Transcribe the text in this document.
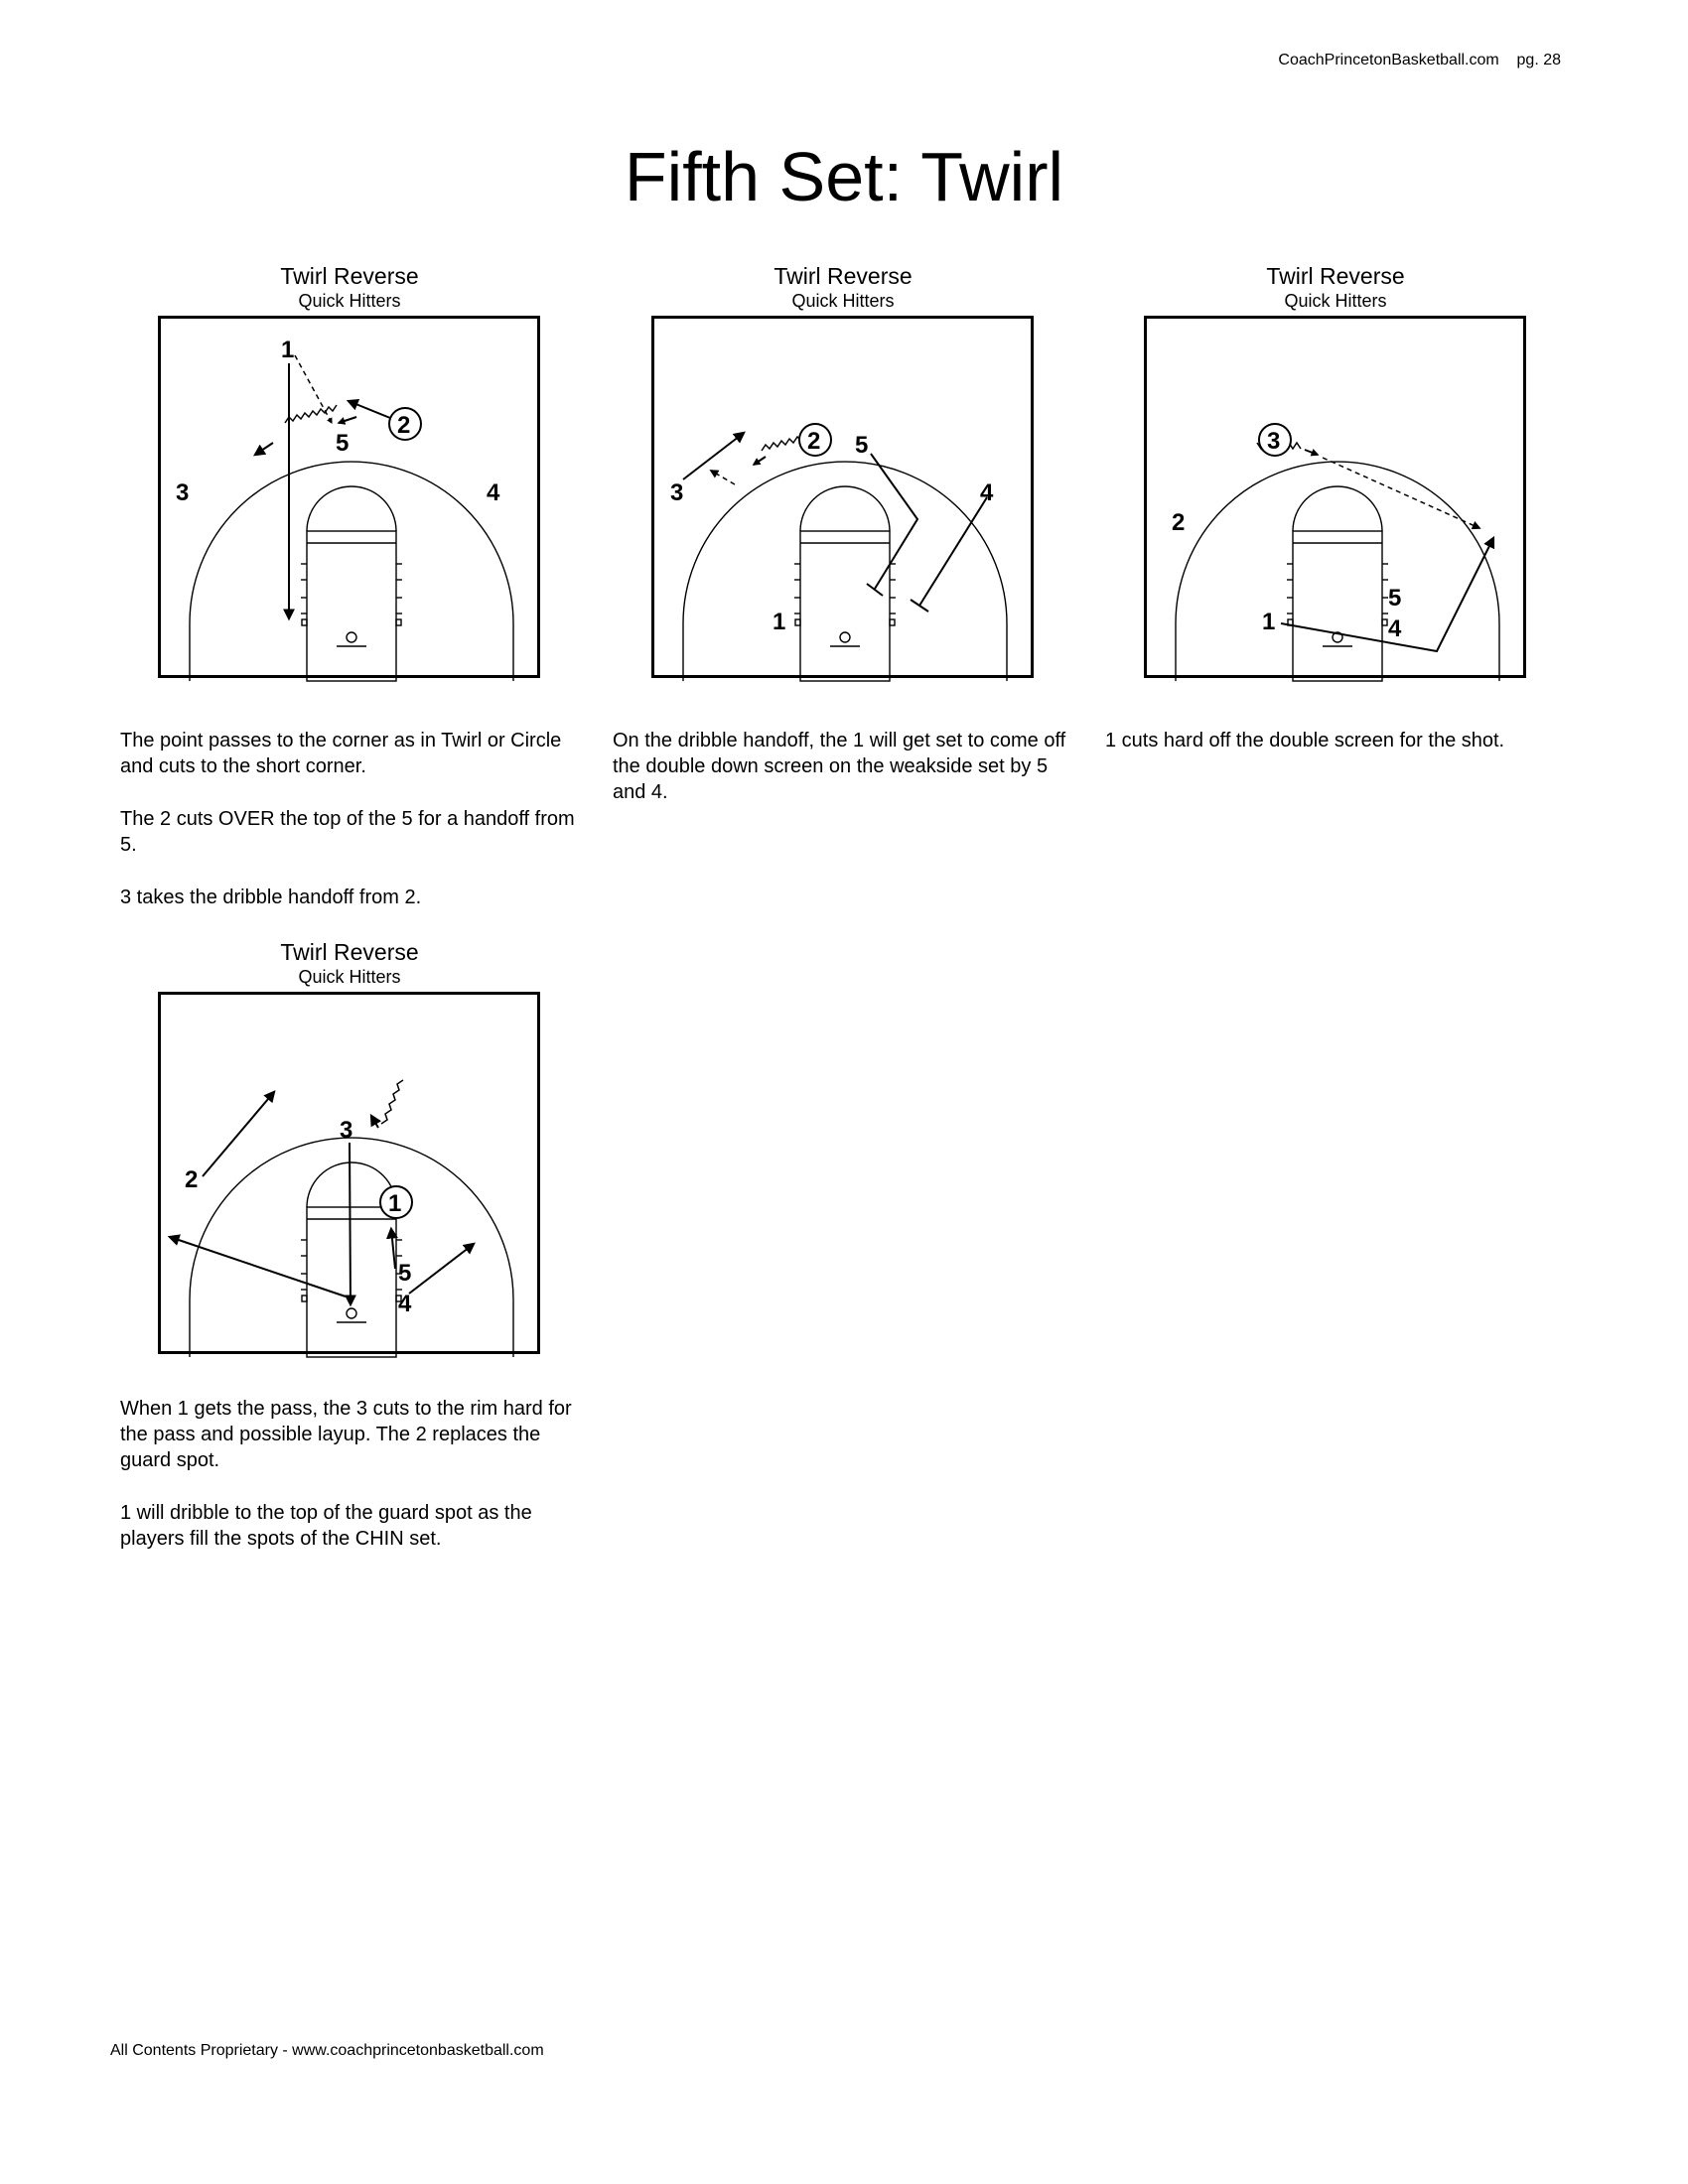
CoachPrincetonBasketball.com pg. 28
Fifth Set: Twirl
Twirl Reverse
Quick Hitters
1
2
5
3	4

The point passes to the corner as in Twirl or Circle and cuts to the short corner.

The 2 cuts OVER the top of the 5 for a handoff from 5.

3 takes the dribble handoff from 2.

Twirl Reverse
Quick Hitters
2 5
3	4
1

On the dribble handoff, the 1 will get set to come off the double down screen on the weakside set by 5 and 4.

Twirl Reverse
Quick Hitters
3
2
1
5
4

1 cuts hard off the double screen for the shot.

Twirl Reverse
Quick Hitters
3
2
1
5
4

When 1 gets the pass, the 3 cuts to the rim hard for the pass and possible layup. The 2 replaces the guard spot.

1 will dribble to the top of the guard spot as the players fill the spots of the CHIN set.

All Contents Proprietary - www.coachprincetonbasketball.com
